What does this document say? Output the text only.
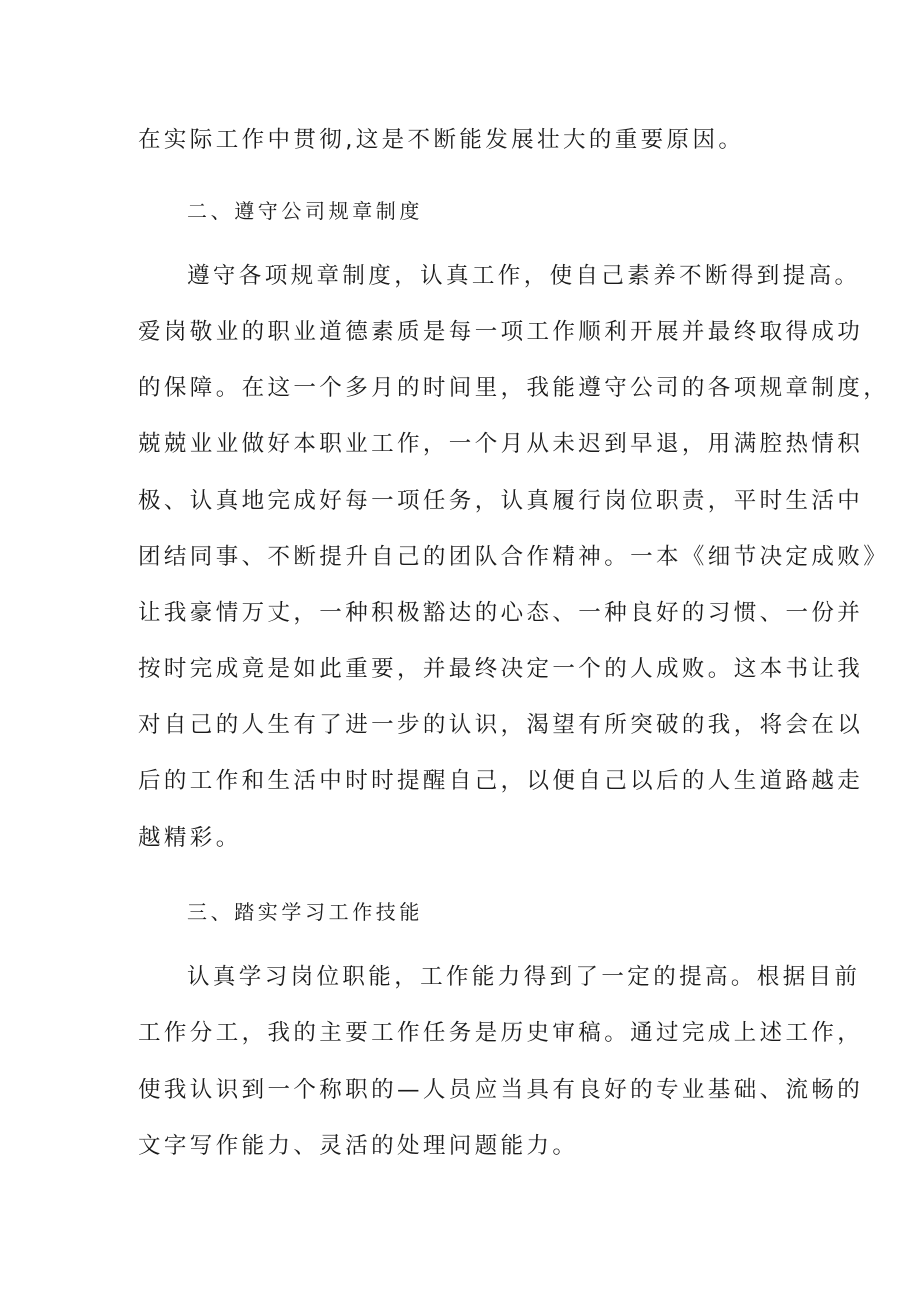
在实际工作中贯彻,这是不断能发展壮大的重要原因。
二、遵守公司规章制度
遵守各项规章制度，认真工作，使自己素养不断得到提高。
爱岗敬业的职业道德素质是每一项工作顺利开展并最终取得成功
的保障。在这一个多月的时间里，我能遵守公司的各项规章制度，
兢兢业业做好本职业工作，一个月从未迟到早退，用满腔热情积
极、认真地完成好每一项任务，认真履行岗位职责，平时生活中
团结同事、不断提升自己的团队合作精神。一本《细节决定成败》
让我豪情万丈，一种积极豁达的心态、一种良好的习惯、一份并
按时完成竟是如此重要，并最终决定一个的人成败。这本书让我
对自己的人生有了进一步的认识，渴望有所突破的我，将会在以
后的工作和生活中时时提醒自己，以便自己以后的人生道路越走
越精彩。
三、踏实学习工作技能
认真学习岗位职能，工作能力得到了一定的提高。根据目前
工作分工，我的主要工作任务是历史审稿。通过完成上述工作，
使我认识到一个称职的—人员应当具有良好的专业基础、流畅的
文字写作能力、灵活的处理问题能力。
